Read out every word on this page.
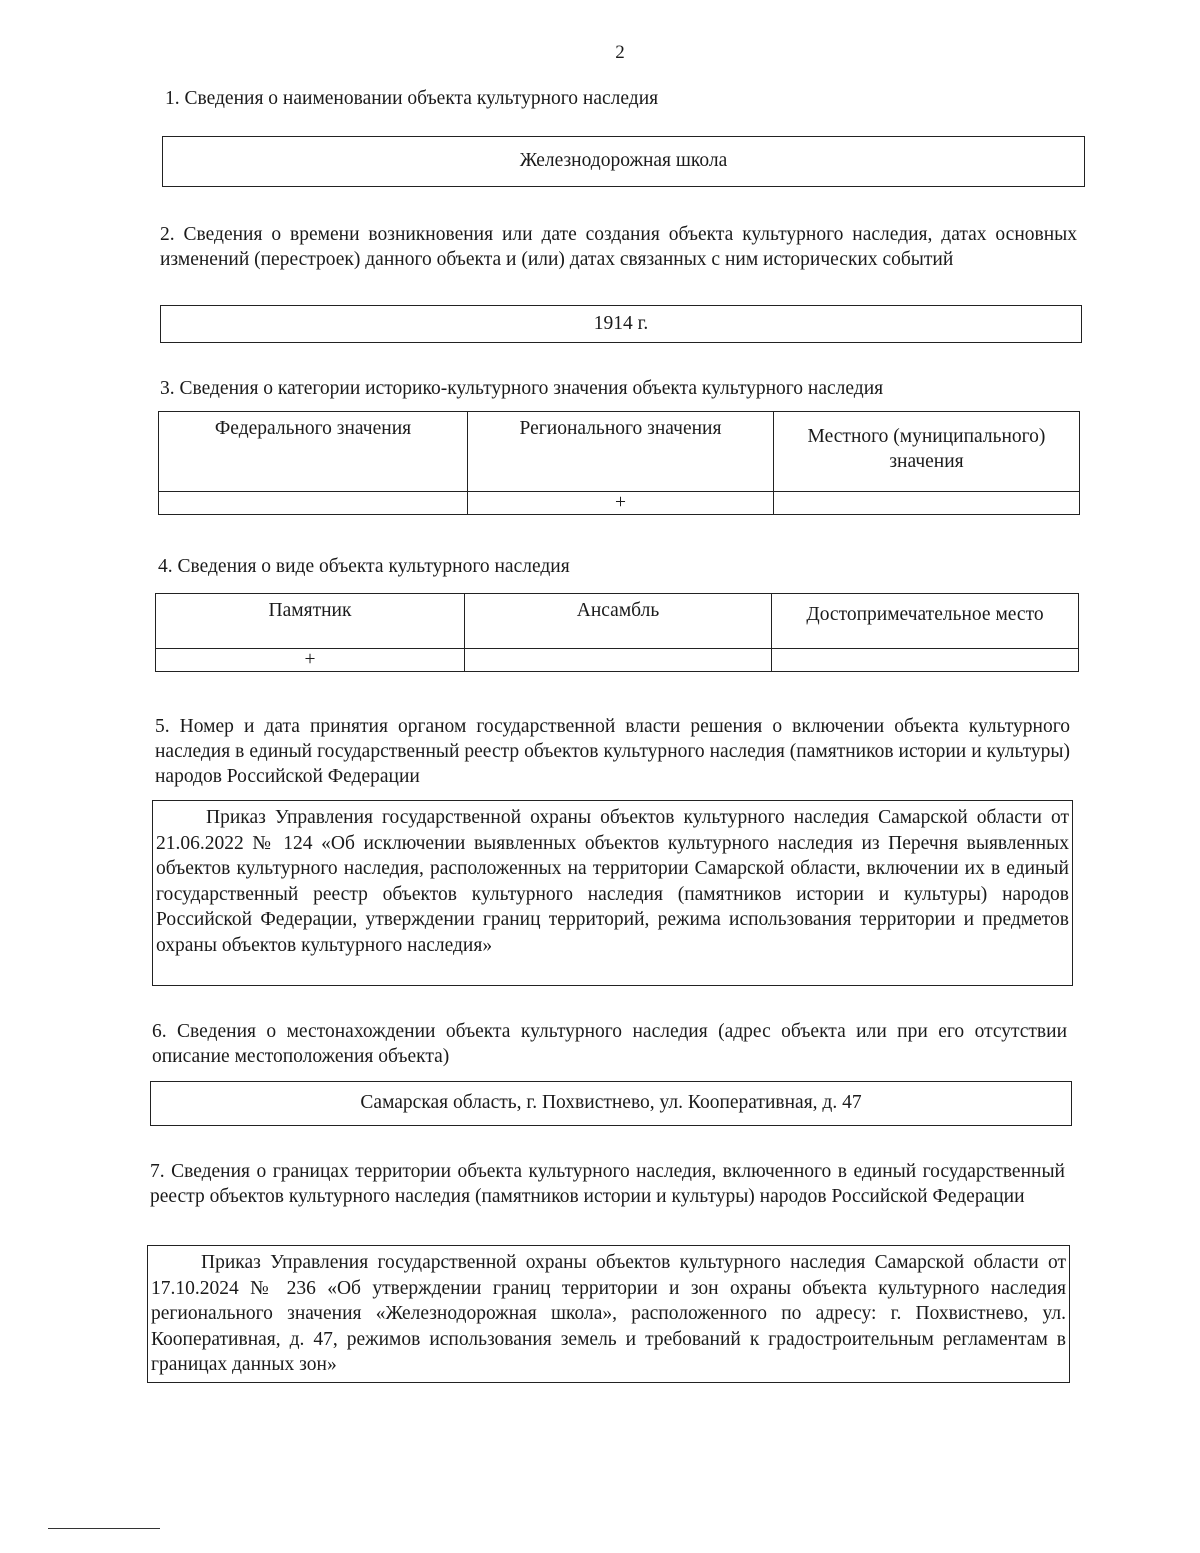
2
1. Сведения о наименовании объекта культурного наследия
Железнодорожная школа
2. Сведения о времени возникновения или дате создания объекта культурного наследия, датах основных изменений (перестроек) данного объекта и (или) датах связанных с ним исторических событий
1914 г.
3. Сведения о категории историко-культурного значения объекта культурного наследия
Федерального значения	Регионального значения	Местного (муниципального) значения
	+	
4. Сведения о виде объекта культурного наследия
Памятник	Ансамбль	Достопримечательное место
+		
5. Номер и дата принятия органом государственной власти решения о включении объекта культурного наследия в единый государственный реестр объектов культурного наследия (памятников истории и культуры) народов Российской Федерации
Приказ Управления государственной охраны объектов культурного наследия Самарской области от 21.06.2022 № 124 «Об исключении выявленных объектов культурного наследия из Перечня выявленных объектов культурного наследия, расположенных на территории Самарской области, включении их в единый государственный реестр объектов культурного наследия (памятников истории и культуры) народов Российской Федерации, утверждении границ территорий, режима использования территории и предметов охраны объектов культурного наследия»
6. Сведения о местонахождении объекта культурного наследия (адрес объекта или при его отсутствии описание местоположения объекта)
Самарская область, г. Похвистнево, ул. Кооперативная, д. 47
7. Сведения о границах территории объекта культурного наследия, включенного в единый государственный реестр объектов культурного наследия (памятников истории и культуры) народов Российской Федерации
Приказ Управления государственной охраны объектов культурного наследия Самарской области от 17.10.2024 № 236 «Об утверждении границ территории и зон охраны объекта культурного наследия регионального значения «Железнодорожная школа», расположенного по адресу: г. Похвистнево, ул. Кооперативная, д. 47, режимов использования земель и требований к градостроительным регламентам в границах данных зон»
